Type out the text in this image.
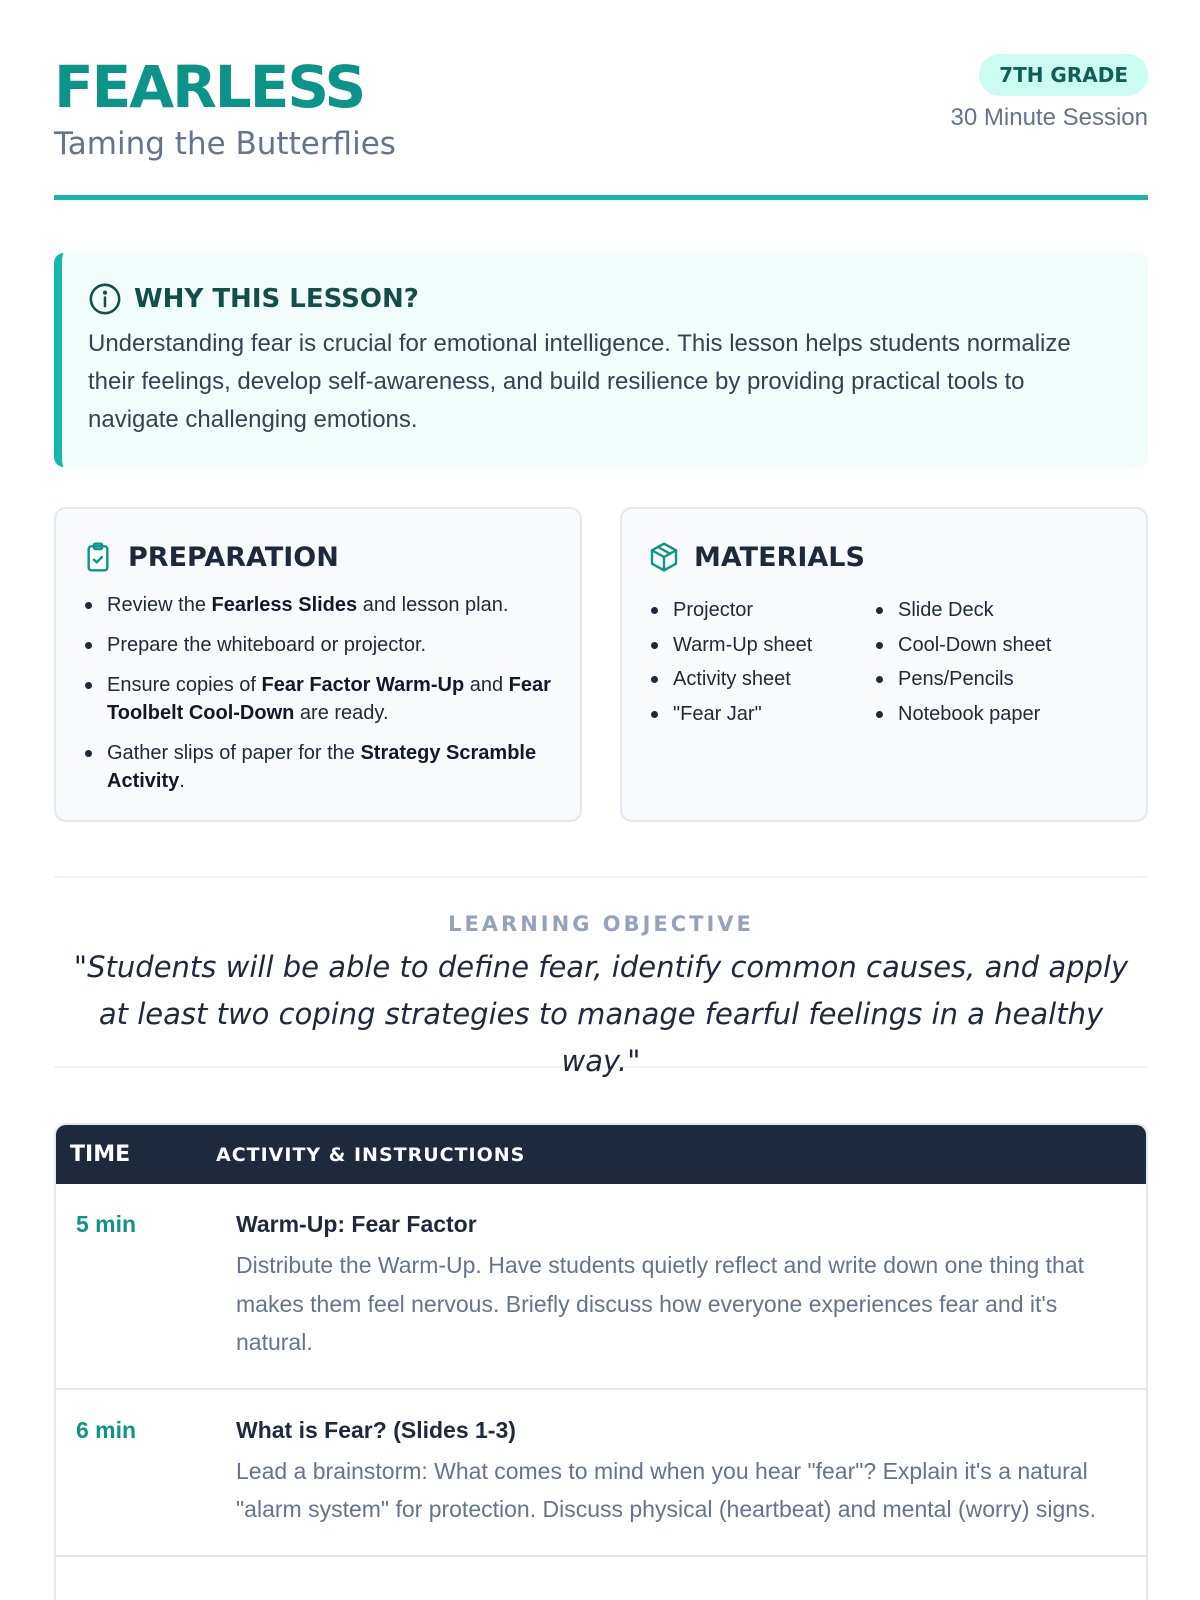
FEARLESS
Taming the Butterflies
7TH GRADE
30 Minute Session
WHY THIS LESSON?

Understanding fear is crucial for emotional intelligence. This lesson helps students normalize their feelings, develop self-awareness, and build resilience by providing practical tools to navigate challenging emotions.

PREPARATION
Review the Fearless Slides and lesson plan.
Prepare the whiteboard or projector.
Ensure copies of Fear Factor Warm-Up and Fear Toolbelt Cool-Down are ready.
Gather slips of paper for the Strategy Scramble Activity.
MATERIALS
Projector	Slide Deck
Warm-Up sheet	Cool-Down sheet
Activity sheet	Pens/Pencils
"Fear Jar"	Notebook paper
LEARNING OBJECTIVE
"Students will be able to define fear, identify common causes, and apply at least two coping strategies to manage fearful feelings in a healthy way."
TIME	ACTIVITY & INSTRUCTIONS
5 min	Warm-Up: Fear Factor
Distribute the Warm-Up. Have students quietly reflect and write down one thing that makes them feel nervous. Briefly discuss how everyone experiences fear and it's natural.
6 min	What is Fear? (Slides 1-3)
Lead a brainstorm: What comes to mind when you hear "fear"? Explain it's a natural "alarm system" for protection. Discuss physical (heartbeat) and mental (worry) signs.
